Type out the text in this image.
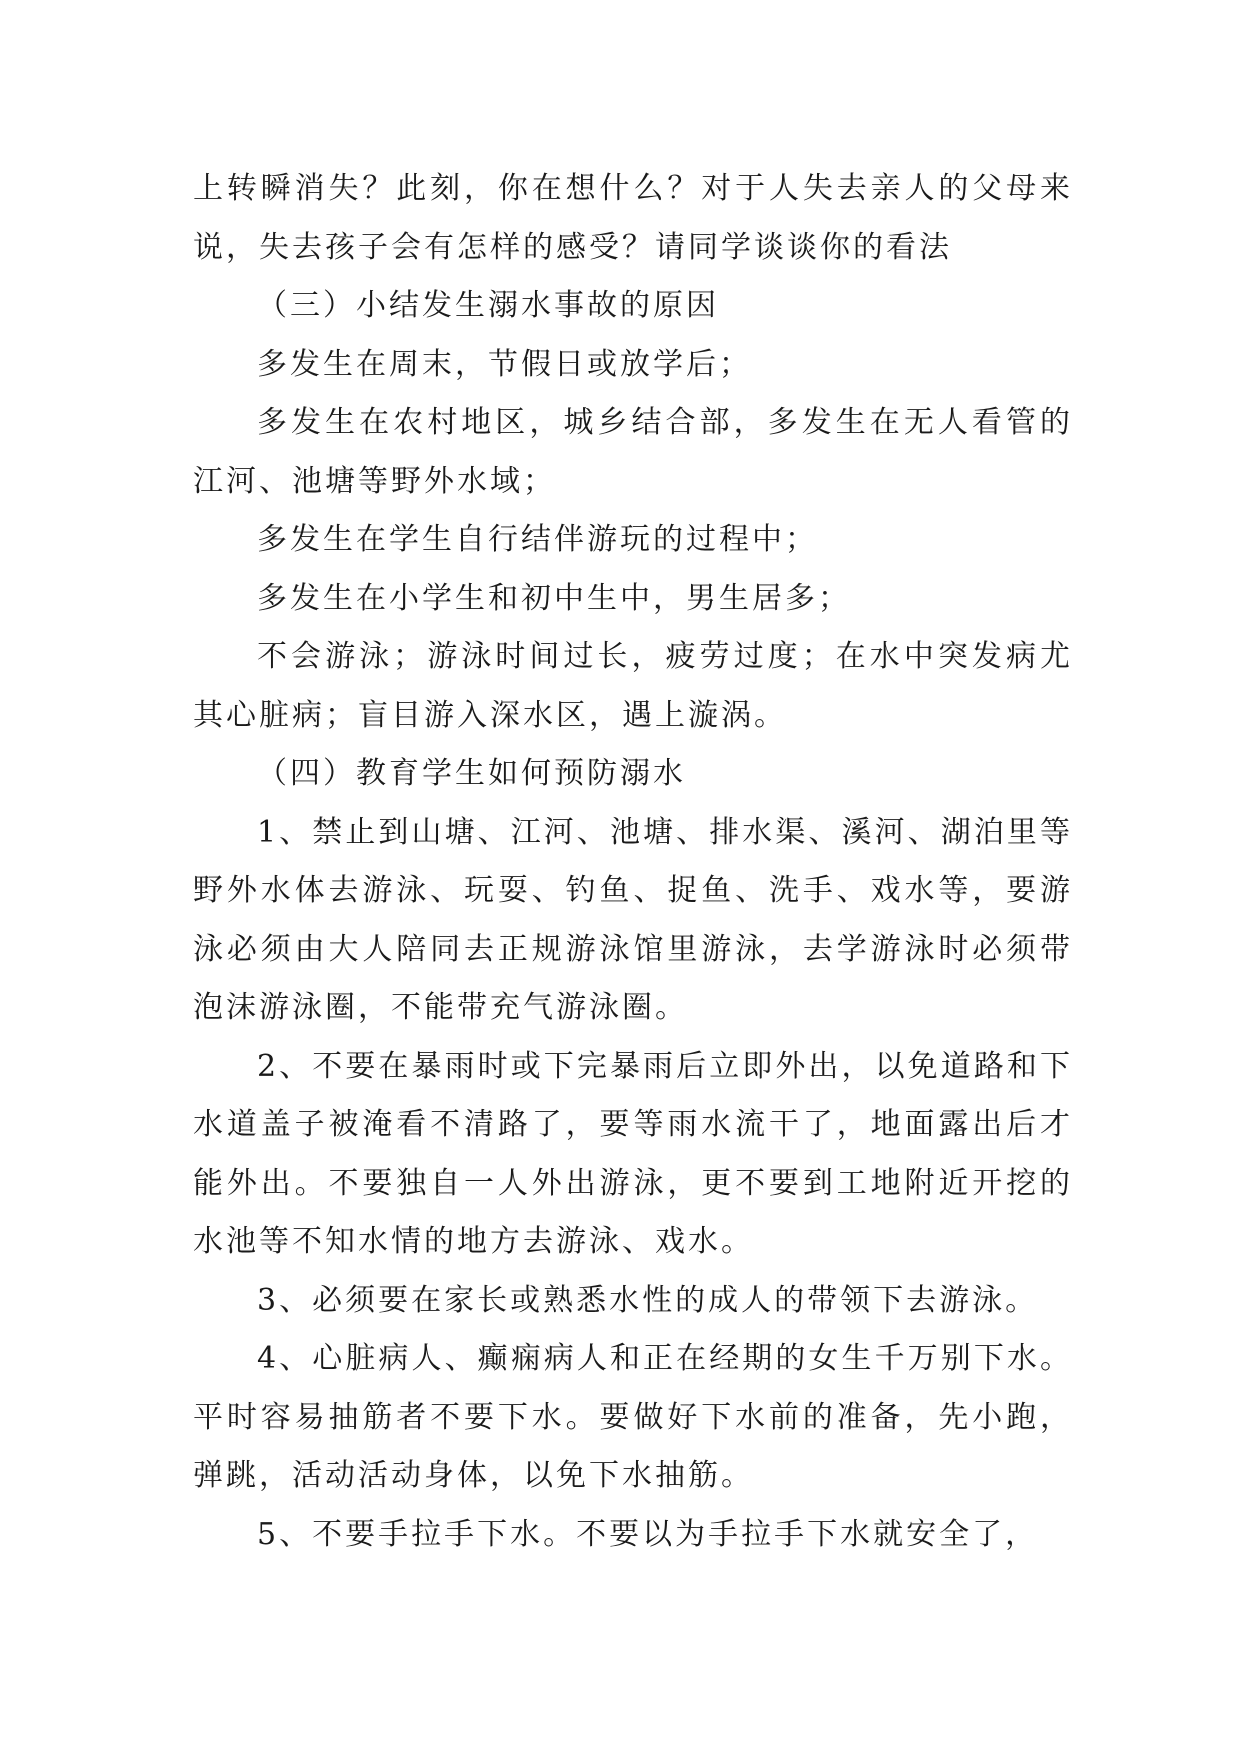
上转瞬消失？此刻，你在想什么？对于人失去亲人的父母来说，失去孩子会有怎样的感受？请同学谈谈你的看法

（三）小结发生溺水事故的原因

多发生在周末，节假日或放学后；

多发生在农村地区，城乡结合部，多发生在无人看管的江河、池塘等野外水域；

多发生在学生自行结伴游玩的过程中；

多发生在小学生和初中生中，男生居多；

不会游泳；游泳时间过长，疲劳过度；在水中突发病尤其心脏病；盲目游入深水区，遇上漩涡。

（四）教育学生如何预防溺水

1、禁止到山塘、江河、池塘、排水渠、溪河、湖泊里等野外水体去游泳、玩耍、钓鱼、捉鱼、洗手、戏水等，要游泳必须由大人陪同去正规游泳馆里游泳，去学游泳时必须带泡沫游泳圈，不能带充气游泳圈。

2、不要在暴雨时或下完暴雨后立即外出，以免道路和下水道盖子被淹看不清路了，要等雨水流干了，地面露出后才能外出。不要独自一人外出游泳，更不要到工地附近开挖的水池等不知水情的地方去游泳、戏水。

3、必须要在家长或熟悉水性的成人的带领下去游泳。

4、心脏病人、癫痫病人和正在经期的女生千万别下水。平时容易抽筋者不要下水。要做好下水前的准备，先小跑，弹跳，活动活动身体，以免下水抽筋。

5、不要手拉手下水。不要以为手拉手下水就安全了，
